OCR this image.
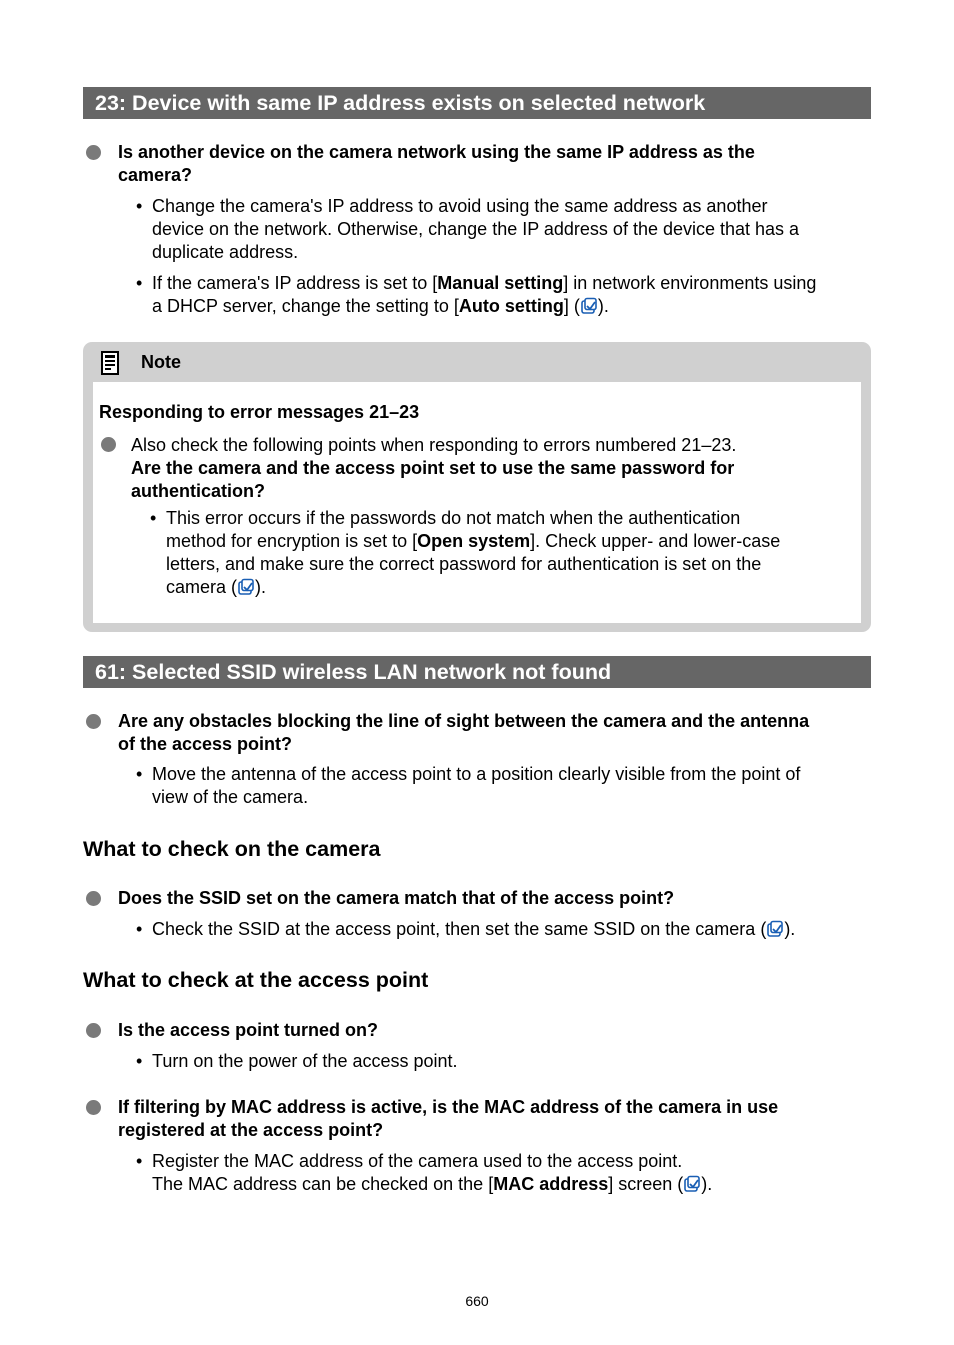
23: Device with same IP address exists on selected network
Is another device on the camera network using the same IP address as the
camera?
• Change the camera's IP address to avoid using the same address as another
device on the network. Otherwise, change the IP address of the device that has a
duplicate address.
• If the camera's IP address is set to [Manual setting] in network environments using
a DHCP server, change the setting to [Auto setting] ( ).
Note
Responding to error messages 21–23
Also check the following points when responding to errors numbered 21–23.
Are the camera and the access point set to use the same password for
authentication?
• This error occurs if the passwords do not match when the authentication
method for encryption is set to [Open system]. Check upper- and lower-case
letters, and make sure the correct password for authentication is set on the
camera ( ).
61: Selected SSID wireless LAN network not found
Are any obstacles blocking the line of sight between the camera and the antenna
of the access point?
• Move the antenna of the access point to a position clearly visible from the point of
view of the camera.
What to check on the camera
Does the SSID set on the camera match that of the access point?
• Check the SSID at the access point, then set the same SSID on the camera ( ).
What to check at the access point
Is the access point turned on?
• Turn on the power of the access point.
If filtering by MAC address is active, is the MAC address of the camera in use
registered at the access point?
• Register the MAC address of the camera used to the access point.
The MAC address can be checked on the [MAC address] screen ( ).
660
